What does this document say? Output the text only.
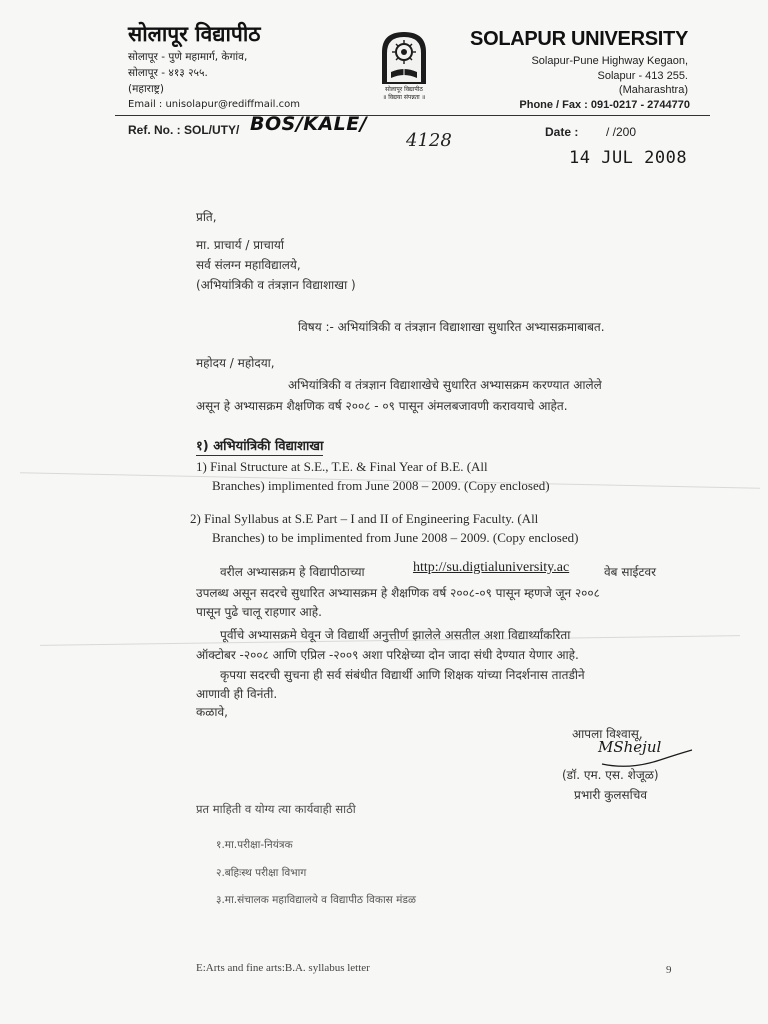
सोलापूर विद्यापीठ
सोलापूर - पुणे महामार्ग, केगांव,
सोलापूर - ४१३ २५५.
(महाराष्ट्र)
Email : unisolapur@rediffmail.com
सोलापूर विद्यापीठ
॥ विद्यया संपन्नता ॥
SOLAPUR UNIVERSITY
Solapur-Pune Highway Kegaon,
Solapur - 413 255.
(Maharashtra)
Phone / Fax : 091-0217 - 2744770
Ref. No. : SOL/UTY/ BOS/KALE/
4128	Date : / /200
14 JUL 2008
प्रति,
मा. प्राचार्य / प्राचार्या
सर्व संलग्न महाविद्यालये,
(अभियांत्रिकी व तंत्रज्ञान विद्याशाखा )
विषय :- अभियांत्रिकी व तंत्रज्ञान विद्याशाखा सुधारित अभ्यासक्रमाबाबत.
महोदय / महोदया,
अभियांत्रिकी व तंत्रज्ञान विद्याशाखेचे सुधारित अभ्यासक्रम करण्यात आलेले
असून हे अभ्यासक्रम शैक्षणिक वर्ष २००८ - ०९ पासून अंमलबजावणी करावयाचे आहेत.
१) अभियांत्रिकी विद्याशाखा
1) Final Structure at S.E., T.E. & Final Year of B.E. (All
Branches) implimented from June 2008 – 2009. (Copy enclosed)
2) Final Syllabus at S.E Part – I and II of Engineering Faculty. (All
Branches) to be implimented from June 2008 – 2009. (Copy enclosed)
वरील अभ्यासक्रम हे विद्यापीठाच्या	http://su.digtialuniversity.ac	वेब साईटवर
उपलब्ध असून सदरचे सुधारित अभ्यासक्रम हे शैक्षणिक वर्ष २००८-०९ पासून म्हणजे जून २००८
पासून पुढे चालू राहणार आहे.
पूर्वीचे अभ्यासक्रमे घेवून जे विद्यार्थी अनुत्तीर्ण झालेले असतील अशा विद्यार्थ्यांकरिता
ऑक्टोबर -२००८ आणि एप्रिल -२००९ अशा परिक्षेच्या दोन जादा संधी देण्यात येणार आहे.
कृपया सदरची सुचना ही सर्व संबंधीत विद्यार्थी आणि शिक्षक यांच्या निदर्शनास तातडीने
आणावी ही विनंती.
कळावे,
आपला विश्वासू,
MShejul
(डॉ. एम. एस. शेजूळ)
प्रभारी कुलसचिव
प्रत माहिती व योग्य त्या कार्यवाही साठी
१.मा.परीक्षा-नियंत्रक
२.बहिःस्थ परीक्षा विभाग
३.मा.संचालक महाविद्यालये व विद्यापीठ विकास मंडळ
E:Arts and fine arts:B.A. syllabus letter	9
